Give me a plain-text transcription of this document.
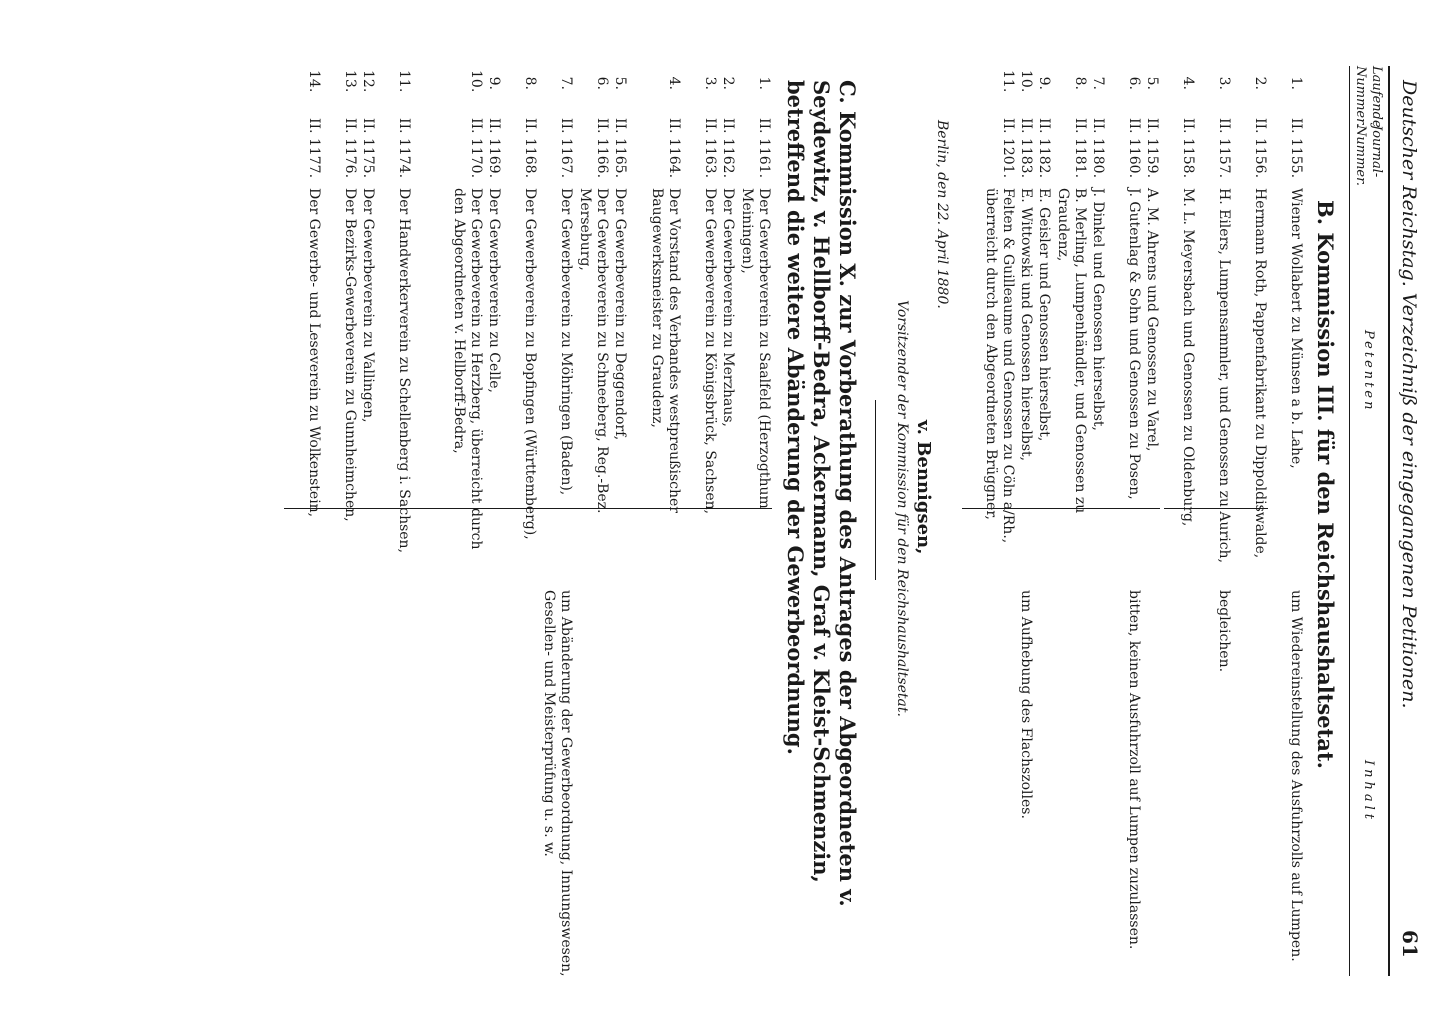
Deutscher Reichstag. Verzeichniß der eingegangenen Petitionen.
61
Laufende
Nummer.
Journal-
Nummer.
Petenten
Inhalt
B. Kommission III. für den Reichshaushaltsetat.
1.
II. 1155.
Wiener Wollabert zu Münsen a b. Lahe,
um Wiedereinstellung des Ausfuhrzolls auf Lumpen.
2.
II. 1156.
Hermann Roth, Pappenfabrikant zu Dippoldiswalde,
3.
II. 1157.
H. Eilers, Lumpensammler, und Genossen zu Aurich,
begleichen.
4.
II. 1158.
M. L. Meyersbach und Genossen zu Oldenburg,
5.
II. 1159.
A. M. Ahrens und Genossen zu Varel,
6.
II. 1160.
J. Gutenlag & Sohn und Genossen zu Posen,
bitten, keinen Ausfuhrzoll auf Lumpen zuzulassen.
7.
II. 1180.
J. Dinkel und Genossen hierselbst,
8.
II. 1181.
B. Merling, Lumpenhändler, und Genossen zu Graudenz,
9.
II. 1182.
E. Geisler und Genossen hierselbst,
10.
II. 1183.
E. Wittowski und Genossen hierselbst,
um Aufhebung des Flachszolles.
11.
II. 1201.
Felten & Guilleaume und Genossen zu Cöln a/Rh., überreicht durch den Abgeordneten Brüggner,
Berlin, den 22. April 1880.
v. Bennigsen,
Vorsitzender der Kommission für den Reichshaushaltsetat.
C. Kommission X. zur Vorberathung des Antrages der Abgeordneten v. Seydewitz, v. Hellborff-Bedra, Ackermann, Graf v. Kleist-Schmenzin, betreffend die weitere Abänderung der Gewerbeordnung.
1.
II. 1161.
Der Gewerbeverein zu Saalfeld (Herzogthum Meiningen),
2.
II. 1162.
Der Gewerbeverein zu Merzhaus,
3.
II. 1163.
Der Gewerbeverein zu Königsbrück, Sachsen,
4.
II. 1164.
Der Vorstand des Verbandes westpreußischer Baugewerksmeister zu Graudenz,
5.
II. 1165.
Der Gewerbeverein zu Deggendorf,
6.
II. 1166.
Der Gewerbeverein zu Schneeberg, Reg.-Bez. Merseburg,
7.
II. 1167.
Der Gewerbeverein zu Möhringen (Baden),
um Abänderung der Gewerbeordnung, Innungswesen, Gesellen- und Meisterprüfung u. s. w.
8.
II. 1168.
Der Gewerbeverein zu Bopfingen (Württemberg),
9.
II. 1169.
Der Gewerbeverein zu Celle,
10.
II. 1170.
Der Gewerbeverein zu Herzberg, überreicht durch den Abgeordneten v. Hellborff-Bedra,
11.
II. 1174.
Der Handwerkerverein zu Schellenberg i. Sachsen,
12.
II. 1175.
Der Gewerbeverein zu Vallingen,
13.
II. 1176.
Der Bezirks-Gewerbeverein zu Gunnheimchen,
14.
II. 1177.
Der Gewerbe- und Leseverein zu Wolkenstein,
